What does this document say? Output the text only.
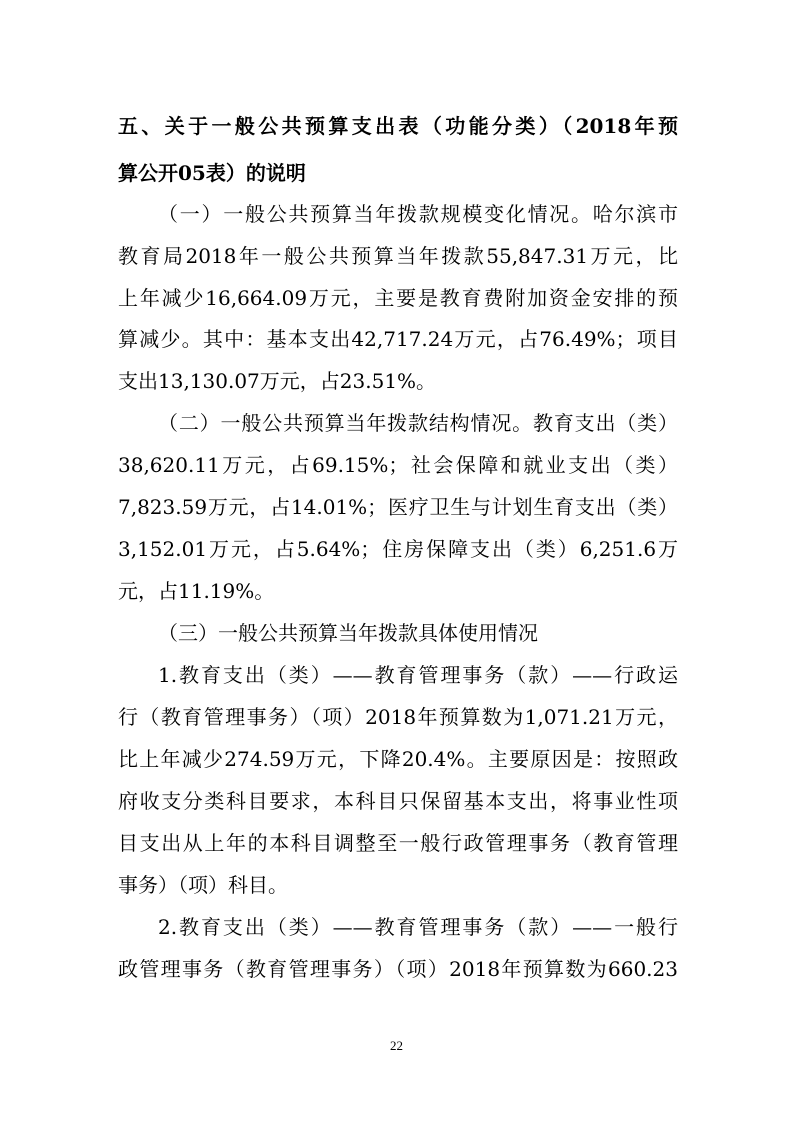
五、关于一般公共预算支出表（功能分类）（2018年预
算公开05表）的说明
（一）一般公共预算当年拨款规模变化情况。哈尔滨市
教育局2018年一般公共预算当年拨款55,847.31万元，比
上年减少16,664.09万元，主要是教育费附加资金安排的预
算减少。其中：基本支出42,717.24万元，占76.49%；项目
支出13,130.07万元，占23.51%。
（二）一般公共预算当年拨款结构情况。教育支出（类）
38,620.11万元，占69.15%；社会保障和就业支出（类）
7,823.59万元，占14.01%；医疗卫生与计划生育支出（类）
3,152.01万元，占5.64%；住房保障支出（类）6,251.6万
元，占11.19%。
（三）一般公共预算当年拨款具体使用情况
1.教育支出（类）——教育管理事务（款）——行政运
行（教育管理事务）（项）2018年预算数为1,071.21万元，
比上年减少274.59万元，下降20.4%。主要原因是：按照政
府收支分类科目要求，本科目只保留基本支出，将事业性项
目支出从上年的本科目调整至一般行政管理事务（教育管理
事务）（项）科目。
2.教育支出（类）——教育管理事务（款）——一般行
政管理事务（教育管理事务）（项）2018年预算数为660.23
22
